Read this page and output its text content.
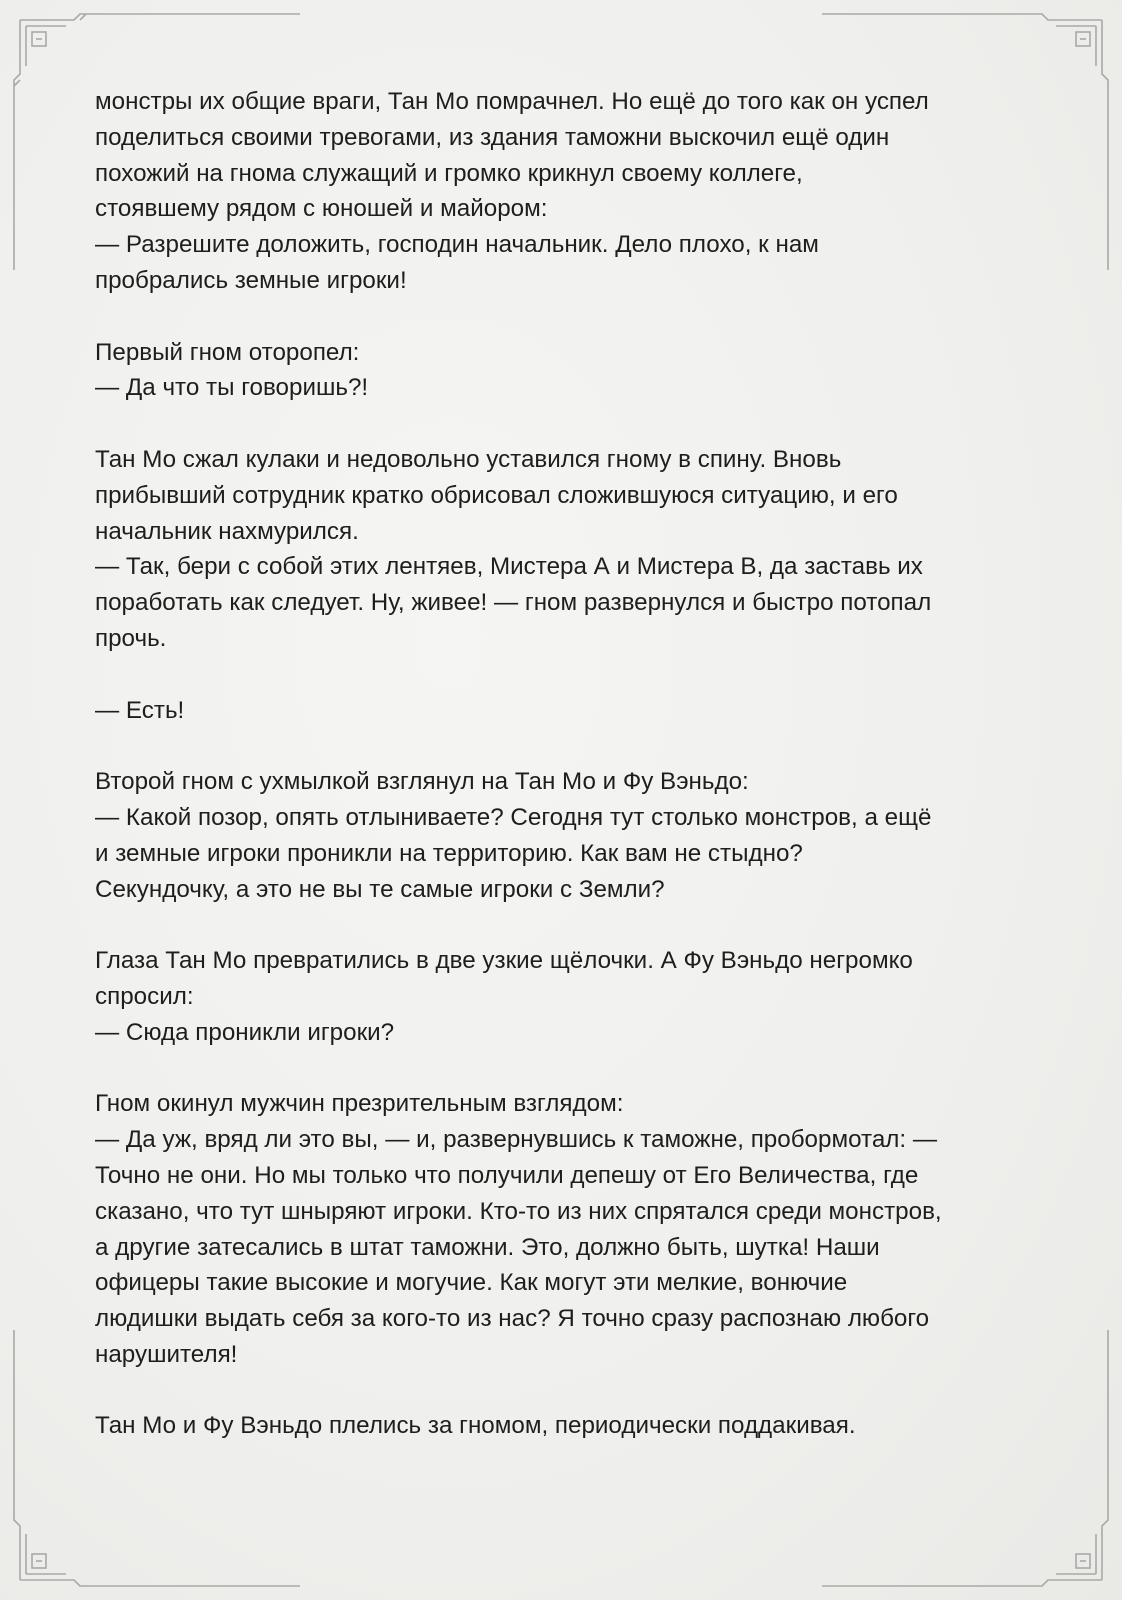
монстры их общие враги, Тан Мо помрачнел. Но ещё до того как он успел
поделиться своими тревогами, из здания таможни выскочил ещё один
похожий на гнома служащий и громко крикнул своему коллеге,
стоявшему рядом с юношей и майором:
— Разрешите доложить, господин начальник. Дело плохо, к нам
пробрались земные игроки!
Первый гном оторопел:
— Да что ты говоришь?!
Тан Мо сжал кулаки и недовольно уставился гному в спину. Вновь
прибывший сотрудник кратко обрисовал сложившуюся ситуацию, и его
начальник нахмурился.
— Так, бери с собой этих лентяев, Мистера А и Мистера В, да заставь их
поработать как следует. Ну, живее! — гном развернулся и быстро потопал
прочь.
— Есть!
Второй гном с ухмылкой взглянул на Тан Мо и Фу Вэньдо:
— Какой позор, опять отлыниваете? Сегодня тут столько монстров, а ещё
и земные игроки проникли на территорию. Как вам не стыдно?
Секундочку, а это не вы те самые игроки с Земли?
Глаза Тан Мо превратились в две узкие щёлочки. А Фу Вэньдо негромко
спросил:
— Сюда проникли игроки?
Гном окинул мужчин презрительным взглядом:
— Да уж, вряд ли это вы, — и, развернувшись к таможне, пробормотал: —
Точно не они. Но мы только что получили депешу от Его Величества, где
сказано, что тут шныряют игроки. Кто-то из них спрятался среди монстров,
а другие затесались в штат таможни. Это, должно быть, шутка! Наши
офицеры такие высокие и могучие. Как могут эти мелкие, вонючие
людишки выдать себя за кого-то из нас? Я точно сразу распознаю любого
нарушителя!
Тан Мо и Фу Вэньдо плелись за гномом, периодически поддакивая.
